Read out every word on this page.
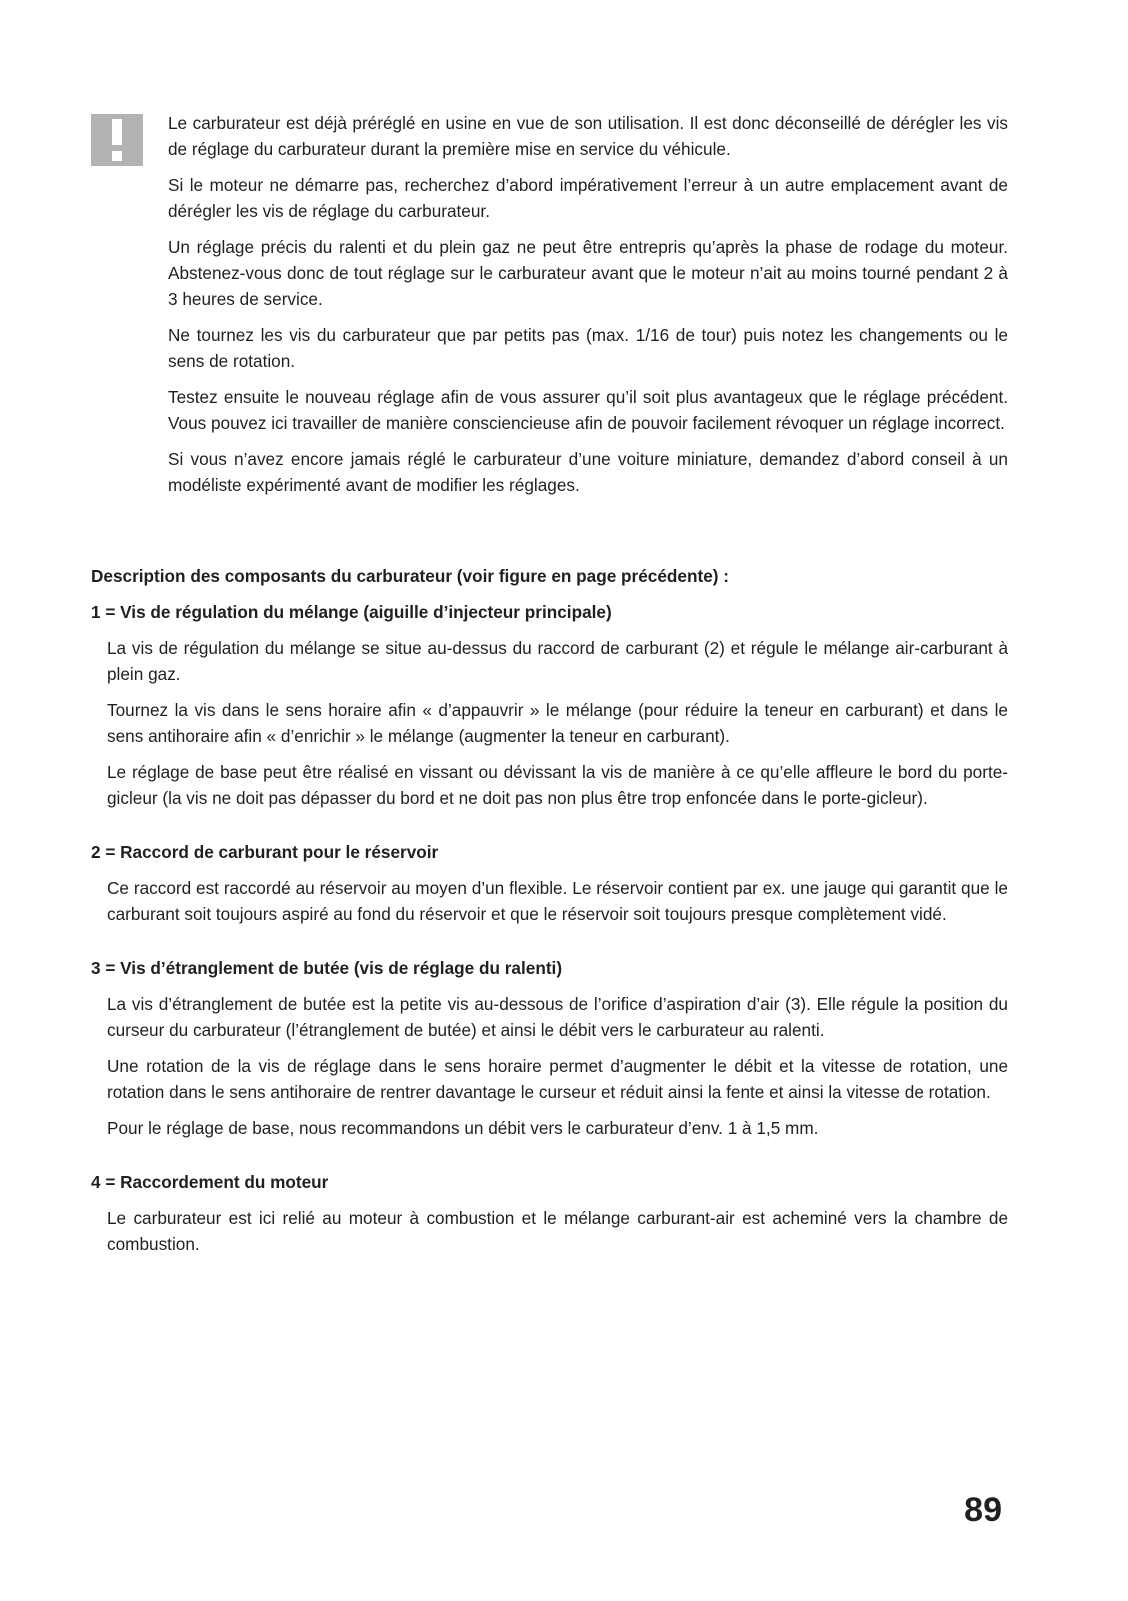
Le carburateur est déjà préréglé en usine en vue de son utilisation. Il est donc déconseillé de dérégler les vis de réglage du carburateur durant la première mise en service du véhicule.

Si le moteur ne démarre pas, recherchez d’abord impérativement l’erreur à un autre emplacement avant de dérégler les vis de réglage du carburateur.

Un réglage précis du ralenti et du plein gaz ne peut être entrepris qu’après la phase de rodage du moteur. Abstenez-vous donc de tout réglage sur le carburateur avant que le moteur n’ait au moins tourné pendant 2 à 3 heures de service.

Ne tournez les vis du carburateur que par petits pas (max. 1/16 de tour) puis notez les changements ou le sens de rotation.

Testez ensuite le nouveau réglage afin de vous assurer qu’il soit plus avantageux que le réglage précédent. Vous pouvez ici travailler de manière consciencieuse afin de pouvoir facilement révoquer un réglage incorrect.

Si vous n’avez encore jamais réglé le carburateur d’une voiture miniature, demandez d’abord conseil à un modéliste expérimenté avant de modifier les réglages.

Description des composants du carburateur (voir figure en page précédente) :
1 = Vis de régulation du mélange (aiguille d’injecteur principale)

La vis de régulation du mélange se situe au-dessus du raccord de carburant (2) et régule le mélange air-carburant à plein gaz.

Tournez la vis dans le sens horaire afin « d’appauvrir » le mélange (pour réduire la teneur en carburant) et dans le sens antihoraire afin « d’enrichir » le mélange (augmenter la teneur en carburant).

Le réglage de base peut être réalisé en vissant ou dévissant la vis de manière à ce qu’elle affleure le bord du porte-gicleur (la vis ne doit pas dépasser du bord et ne doit pas non plus être trop enfoncée dans le porte-gicleur).

2 = Raccord de carburant pour le réservoir

Ce raccord est raccordé au réservoir au moyen d’un flexible. Le réservoir contient par ex. une jauge qui garantit que le carburant soit toujours aspiré au fond du réservoir et que le réservoir soit toujours presque complètement vidé.

3 = Vis d’étranglement de butée (vis de réglage du ralenti)

La vis d’étranglement de butée est la petite vis au-dessous de l’orifice d’aspiration d’air (3). Elle régule la position du curseur du carburateur (l’étranglement de butée) et ainsi le débit vers le carburateur au ralenti.

Une rotation de la vis de réglage dans le sens horaire permet d’augmenter le débit et la vitesse de rotation, une rotation dans le sens antihoraire de rentrer davantage le curseur et réduit ainsi la fente et ainsi la vitesse de rotation.

Pour le réglage de base, nous recommandons un débit vers le carburateur d’env. 1 à 1,5 mm.

4 = Raccordement du moteur

Le carburateur est ici relié au moteur à combustion et le mélange carburant-air est acheminé vers la chambre de combustion.

89
